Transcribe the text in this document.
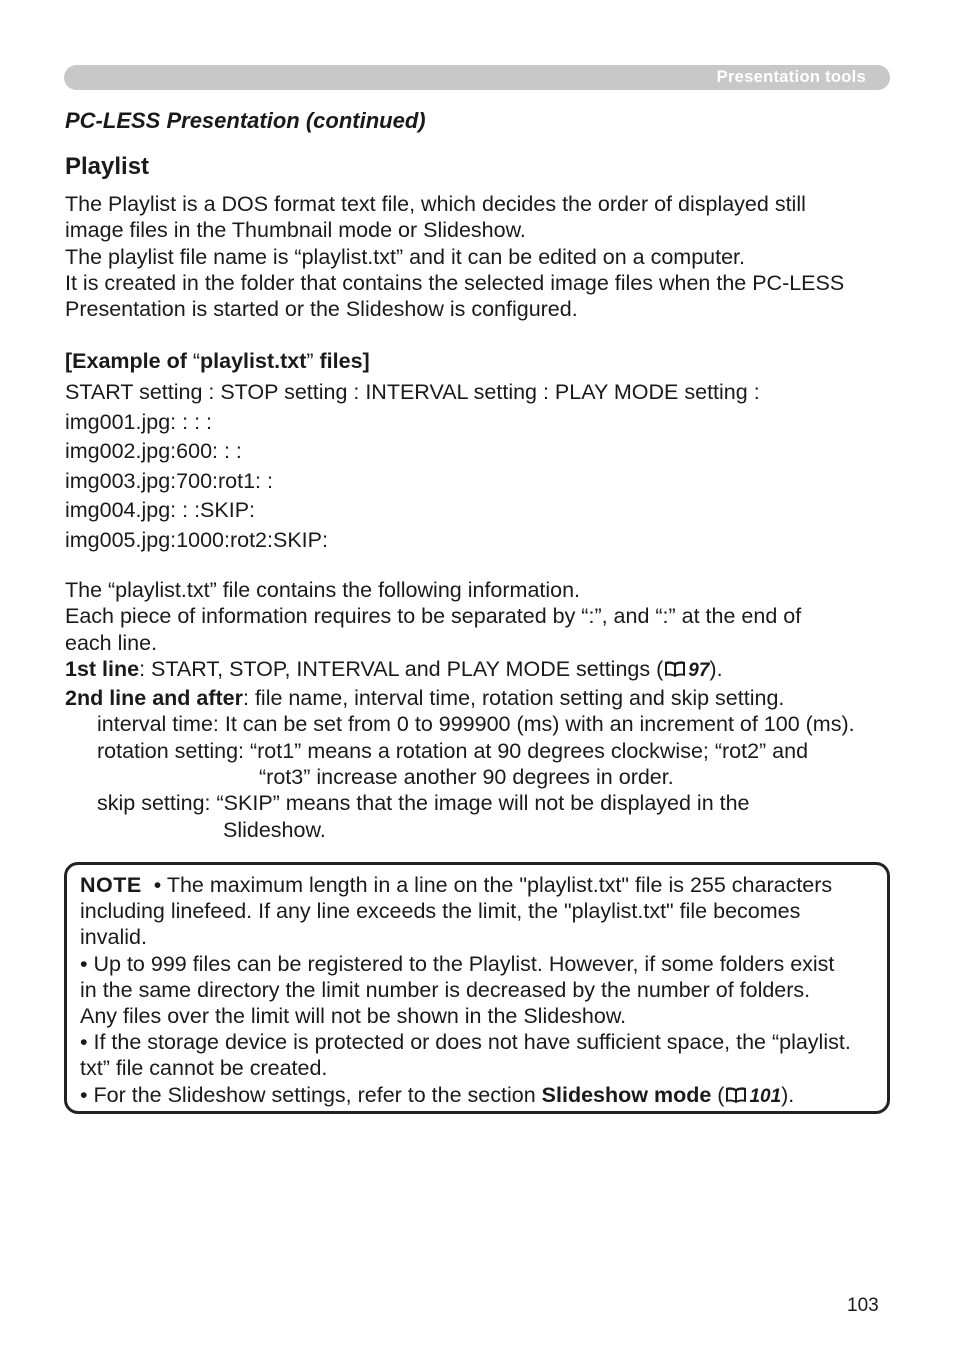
Presentation tools
PC-LESS Presentation (continued)
Playlist
The Playlist is a DOS format text file, which decides the order of displayed still
image files in the Thumbnail mode or Slideshow.
The playlist file name is “playlist.txt” and it can be edited on a computer.
It is created in the folder that contains the selected image files when the PC-LESS
Presentation is started or the Slideshow is configured.
[Example of “playlist.txt” files]
START setting : STOP setting : INTERVAL setting : PLAY MODE setting :
img001.jpg: : : :
img002.jpg:600: : :
img003.jpg:700:rot1: :
img004.jpg: : :SKIP:
img005.jpg:1000:rot2:SKIP:
The “playlist.txt” file contains the following information.
Each piece of information requires to be separated by “:”, and “:” at the end of
each line.
1st line: START, STOP, INTERVAL and PLAY MODE settings ( 97).
2nd line and after: file name, interval time, rotation setting and skip setting.
interval time: It can be set from 0 to 999900 (ms) with an increment of 100 (ms).
rotation setting: “rot1” means a rotation at 90 degrees clockwise; “rot2” and
“rot3” increase another 90 degrees in order.
skip setting: “SKIP” means that the image will not be displayed in the
Slideshow.
NOTE • The maximum length in a line on the "playlist.txt" file is 255 characters
including linefeed. If any line exceeds the limit, the "playlist.txt" file becomes
invalid.
• Up to 999 files can be registered to the Playlist. However, if some folders exist
in the same directory the limit number is decreased by the number of folders.
Any files over the limit will not be shown in the Slideshow.
• If the storage device is protected or does not have sufficient space, the “playlist.
txt” file cannot be created.
• For the Slideshow settings, refer to the section Slideshow mode ( 101).
103
